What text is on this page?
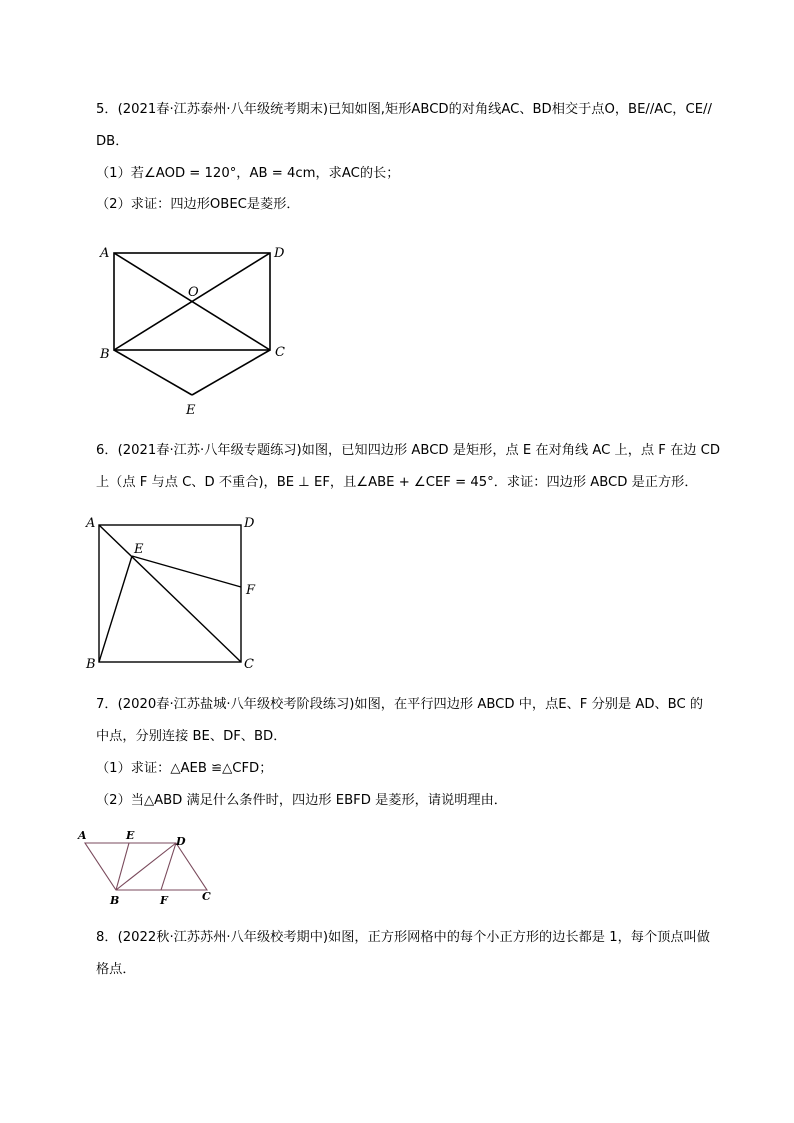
5．(2021春·江苏泰州·八年级统考期末)已知如图,矩形ABCD的对角线AC、BD相交于点O，BE//AC，CE//
DB．
（1）若∠AOD = 120°，AB = 4cm，求AC的长；
（2）求证：四边形OBEC是菱形．
A	D
O
B	C
E
A	D
E
F
B	C
A	E	D
B	F	C
6．(2021春·江苏·八年级专题练习)如图，已知四边形 ABCD 是矩形，点 E 在对角线 AC 上，点 F 在边 CD
上（点 F 与点 C、D 不重合)，BE ⊥ EF，且∠ABE + ∠CEF = 45°．求证：四边形 ABCD 是正方形．
7．(2020春·江苏盐城·八年级校考阶段练习)如图，在平行四边形 ABCD 中，点E、F 分别是 AD、BC 的
中点，分别连接 BE、DF、BD．
（1）求证：△AEB ≌△CFD；
（2）当△ABD 满足什么条件时，四边形 EBFD 是菱形，请说明理由．
8．(2022秋·江苏苏州·八年级校考期中)如图，正方形网格中的每个小正方形的边长都是 1，每个顶点叫做
格点．
